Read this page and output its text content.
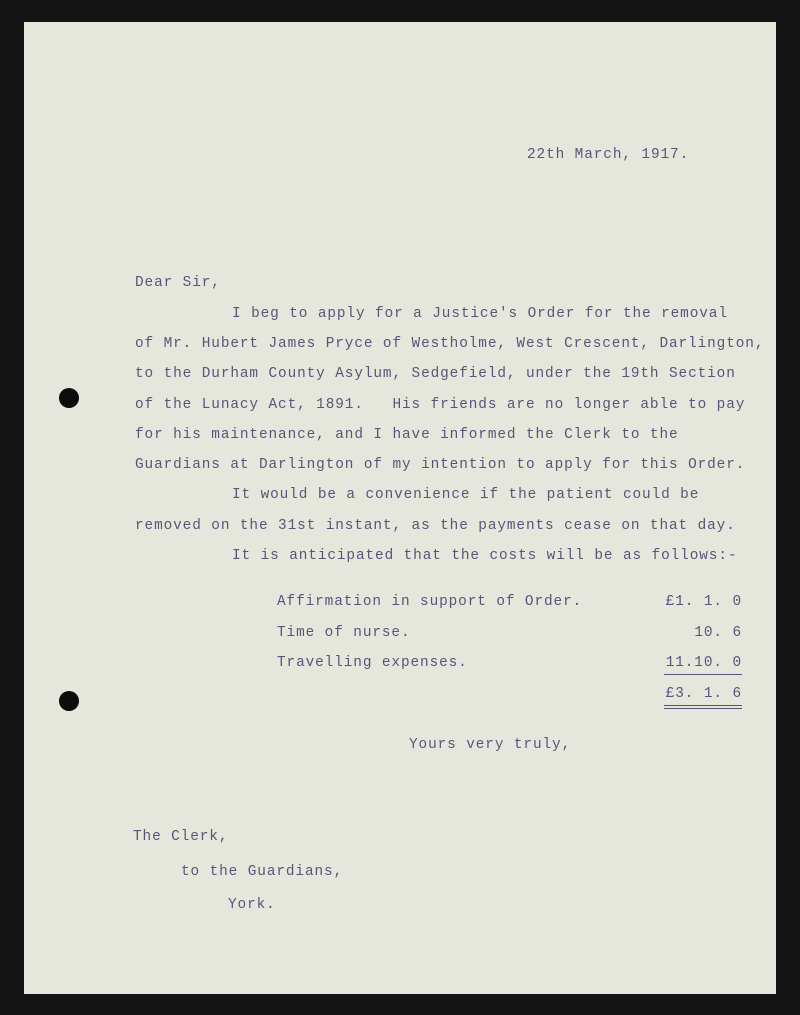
22th March, 1917.
Dear Sir,
I beg to apply for a Justice's Order for the removal
of Mr. Hubert James Pryce of Westholme, West Crescent, Darlington,
to the Durham County Asylum, Sedgefield, under the 19th Section
of the Lunacy Act, 1891.   His friends are no longer able to pay
for his maintenance, and I have informed the Clerk to the
Guardians at Darlington of my intention to apply for this Order.
It would be a convenience if the patient could be
removed on the 31st instant, as the payments cease on that day.
It is anticipated that the costs will be as follows:-
Affirmation in support of Order.	£1. 1. 0
Time of nurse.	10. 6
Travelling expenses.	11.10. 0
£3. 1. 6
Yours very truly,
The Clerk,
to the Guardians,
York.
